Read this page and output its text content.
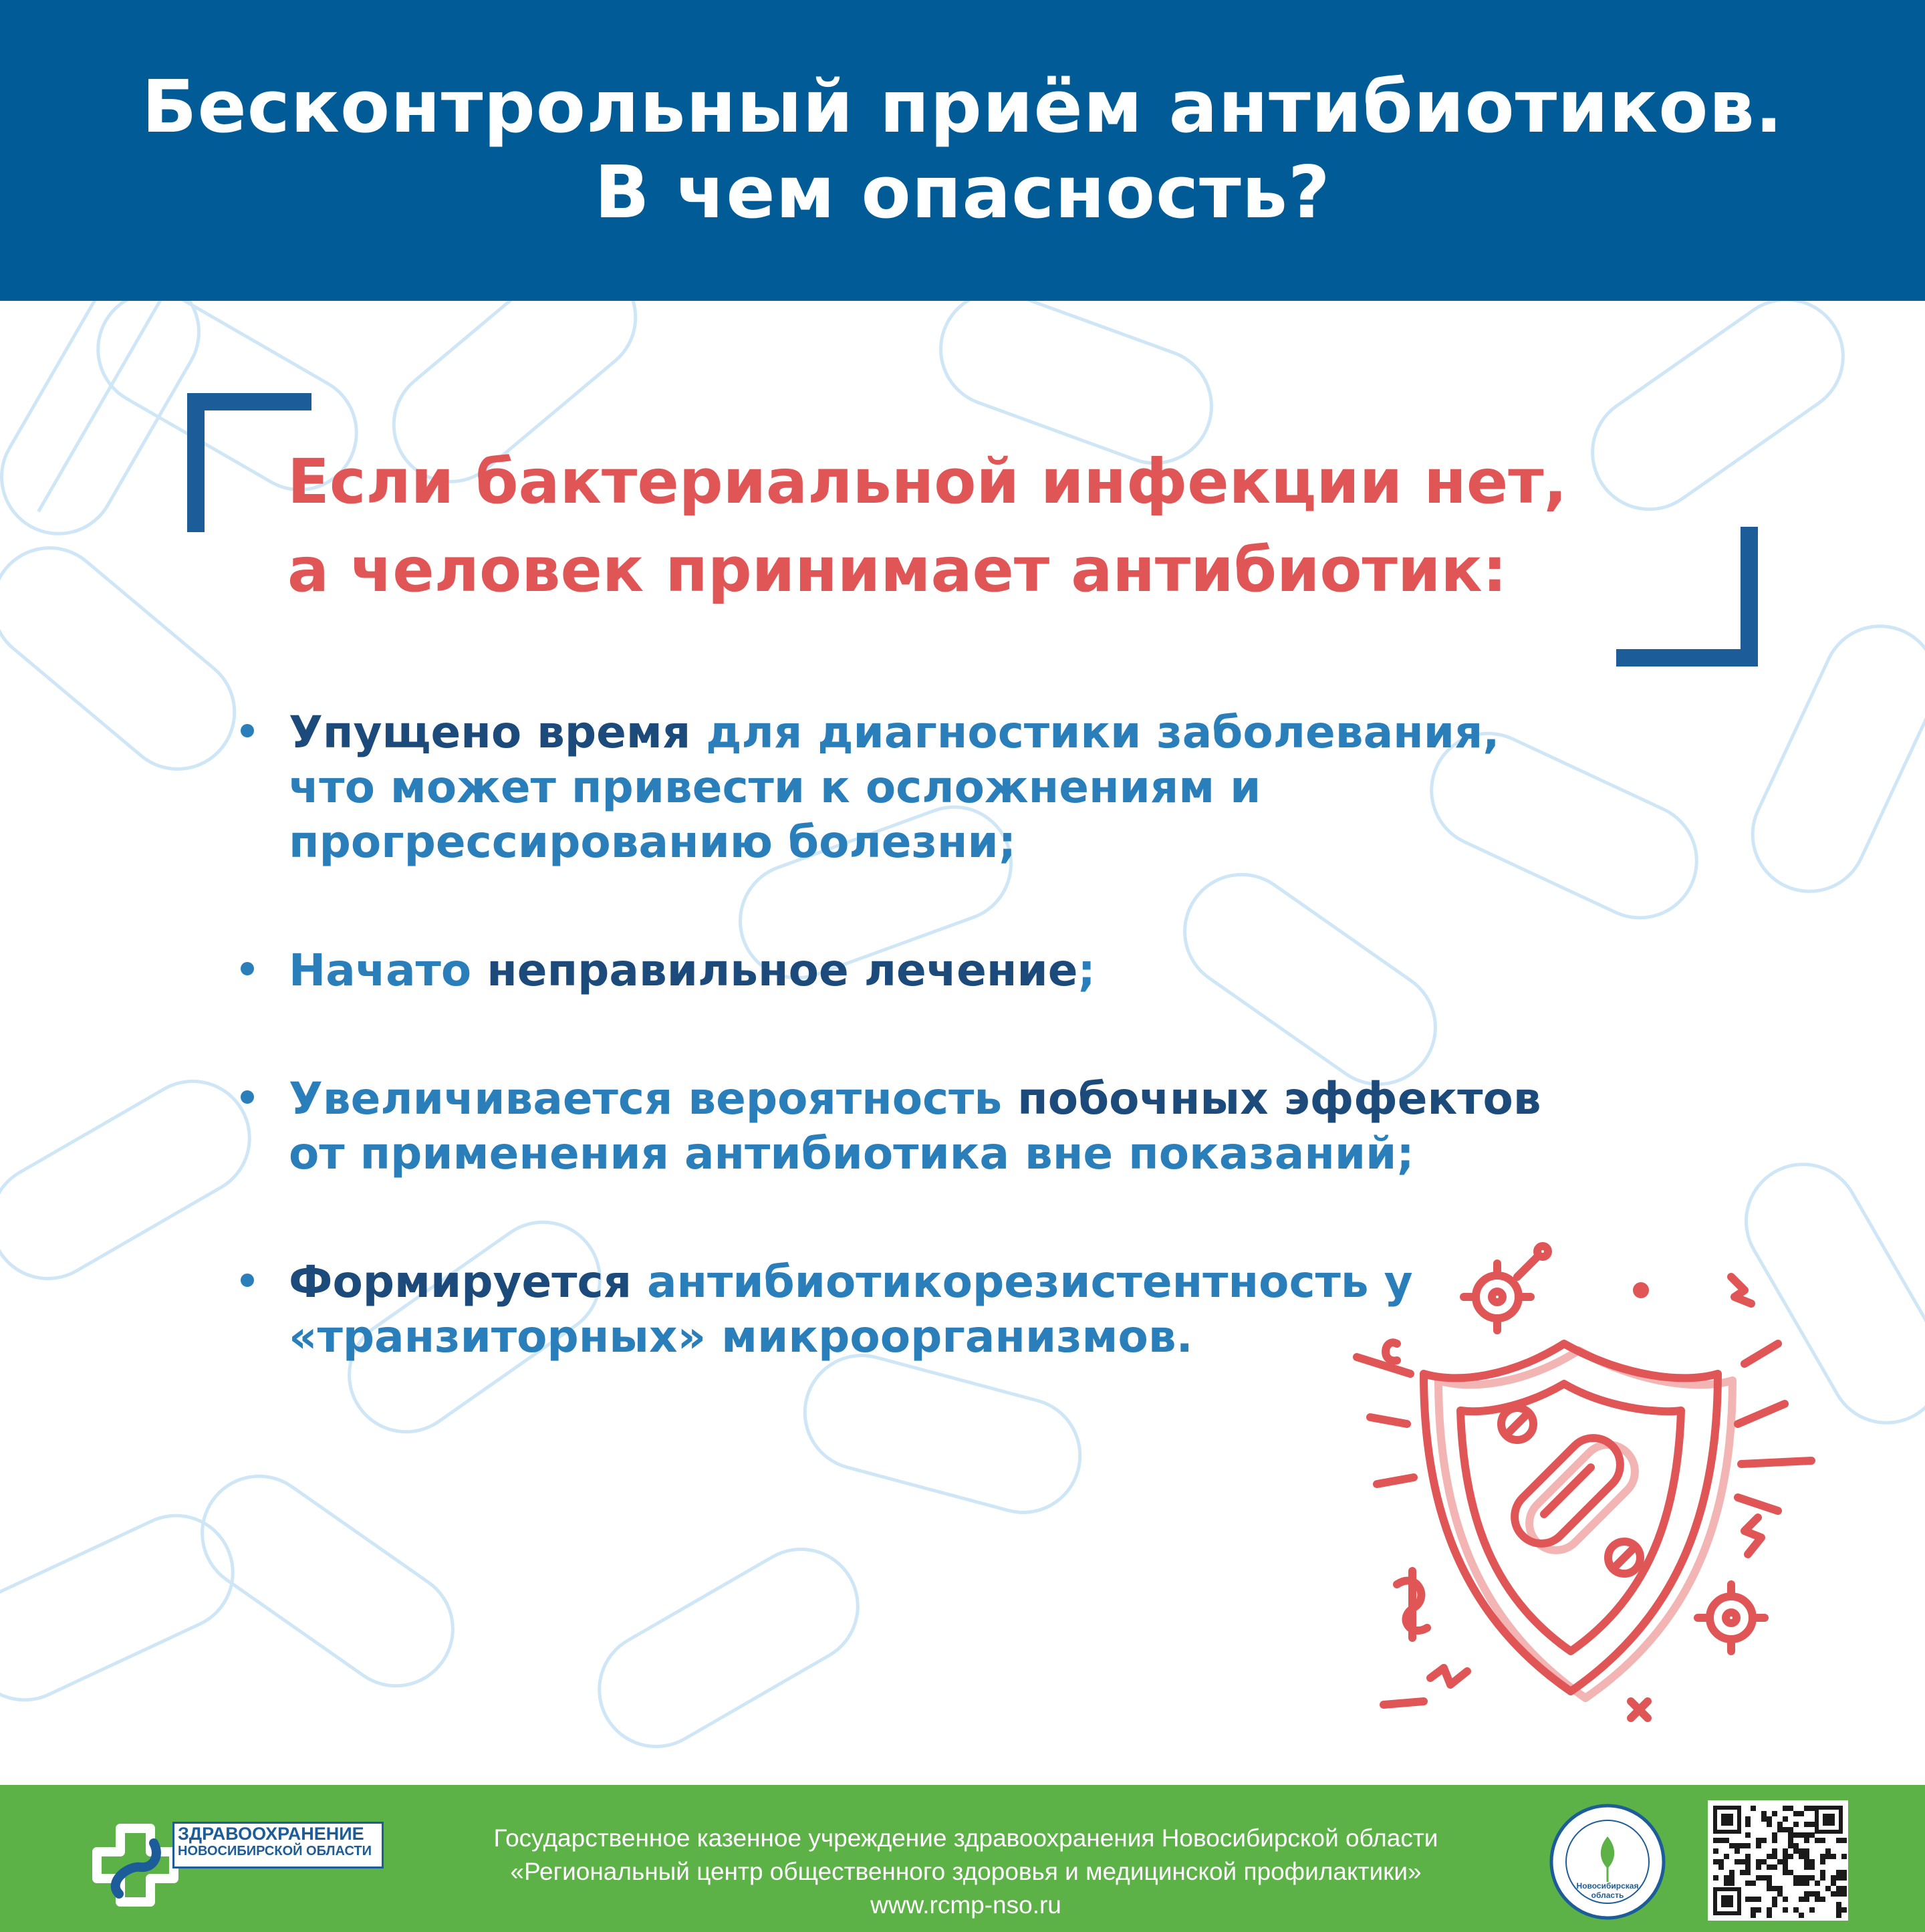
Бесконтрольный приём антибиотиков.
В чем опасность?
Если бактериальной инфекции нет,
а человек принимает антибиотик:
Упущено время для диагностики заболевания,
что может привести к осложнениям и
прогрессированию болезни;
Начато неправильное лечение;
Увеличивается вероятность побочных эффектов
от применения антибиотика вне показаний;
Формируется антибиотикорезистентность у
«транзиторных» микроорганизмов.
ЗДРАВООХРАНЕНИЕ
НОВОСИБИРСКОЙ ОБЛАСТИ	Государственное казенное учреждение здравоохранения Новосибирской области
«Региональный центр общественного здоровья и медицинской профилактики»
www.rcmp-nso.ru
Новосибирская
область
